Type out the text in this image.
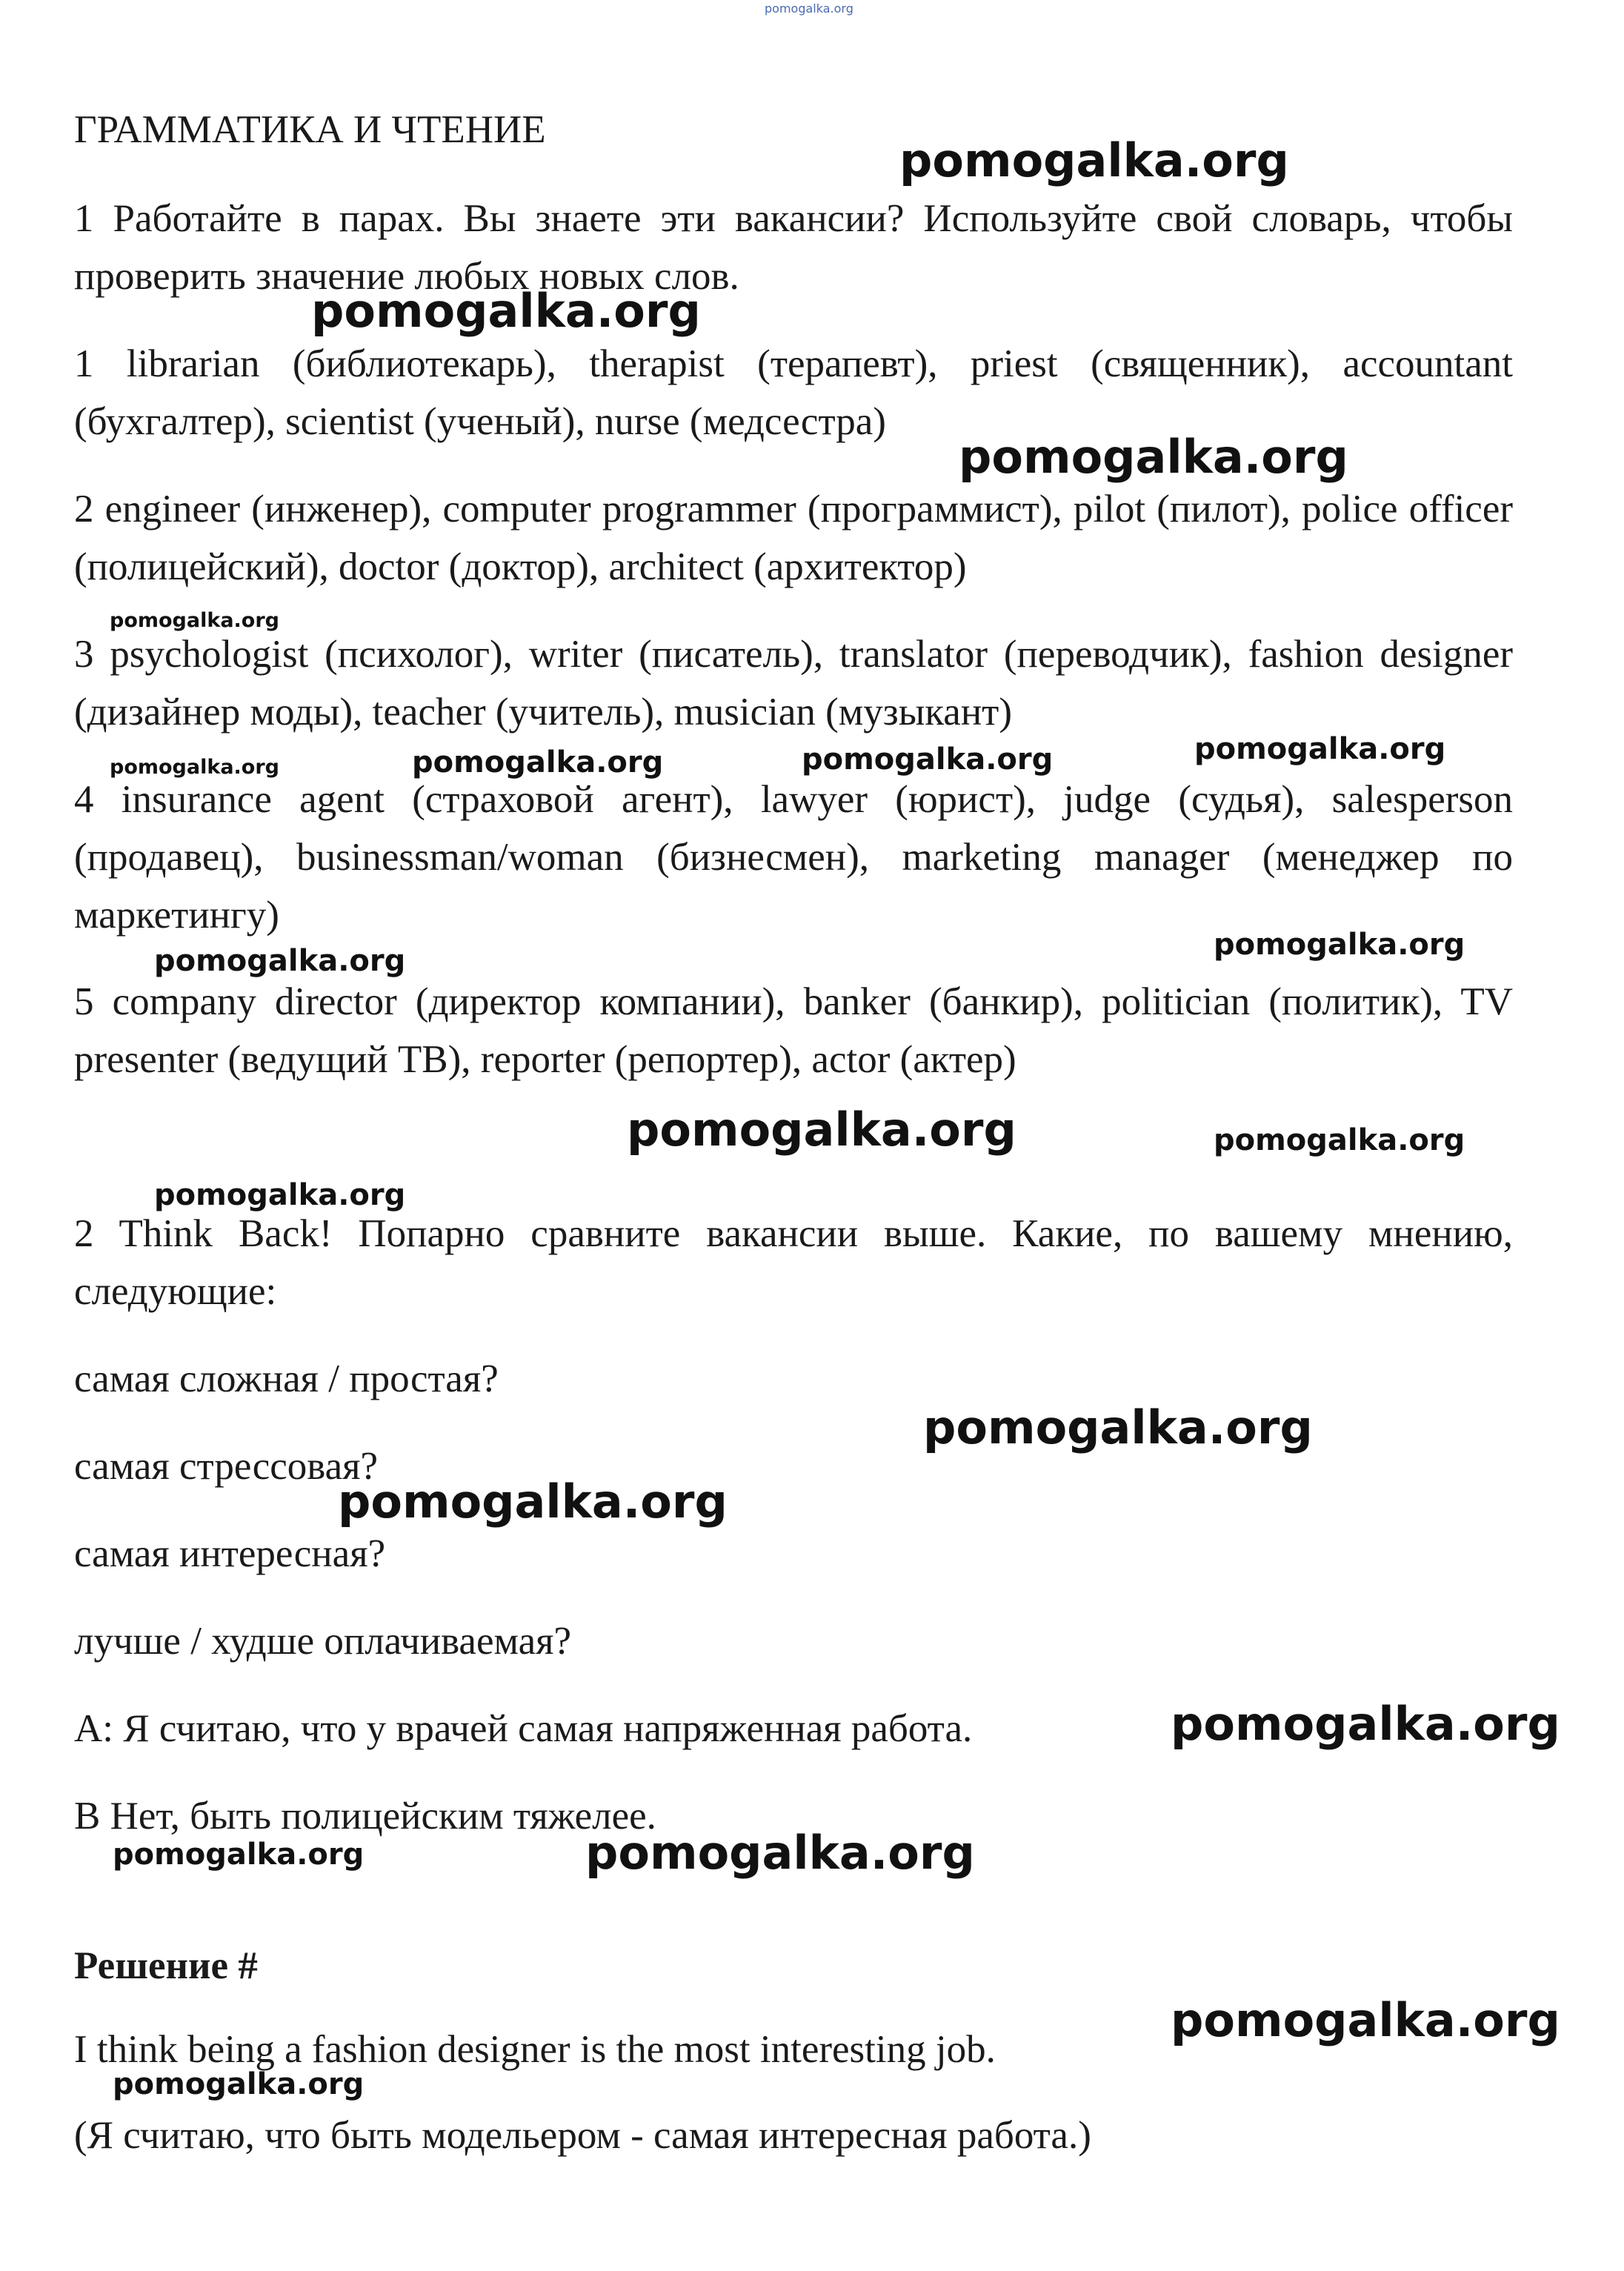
pomogalka.org

ГРАММАТИКА И ЧТЕНИЕ

1 Работайте в парах. Вы знаете эти вакансии? Используйте свой словарь, чтобы проверить значение любых новых слов.

1 librarian (библиотекарь), therapist (терапевт), priest (священник), accountant (бухгалтер), scientist (ученый), nurse (медсестра)

2 engineer (инженер), computer programmer (программист), pilot (пилот), police officer (полицейский), doctor (доктор), architect (архитектор)

3 psychologist (психолог), writer (писатель), translator (переводчик), fashion designer (дизайнер моды), teacher (учитель), musician (музыкант)

4 insurance agent (страховой агент), lawyer (юрист), judge (судья), salesperson (продавец), businessman/woman (бизнесмен), marketing manager (менеджер по маркетингу)

5 company director (директор компании), banker (банкир), politician (политик), TV presenter (ведущий ТВ), reporter (репортер), actor (актер)

2 Think Back! Попарно сравните вакансии выше. Какие, по вашему мнению, следующие:

самая сложная / простая?

самая стрессовая?

самая интересная?

лучше / худше оплачиваемая?

A: Я считаю, что у врачей самая напряженная работа.

B Нет, быть полицейским тяжелее.

Решение #

I think being a fashion designer is the most interesting job.

(Я считаю, что быть модельером - самая интересная работа.)

pomogalka.org
pomogalka.org
pomogalka.org
pomogalka.org
pomogalka.org	pomogalka.org	pomogalka.org	pomogalka.org
pomogalka.org	pomogalka.org
pomogalka.org	pomogalka.org
pomogalka.org
pomogalka.org
pomogalka.org
pomogalka.org
pomogalka.org	pomogalka.org
pomogalka.org
pomogalka.org
